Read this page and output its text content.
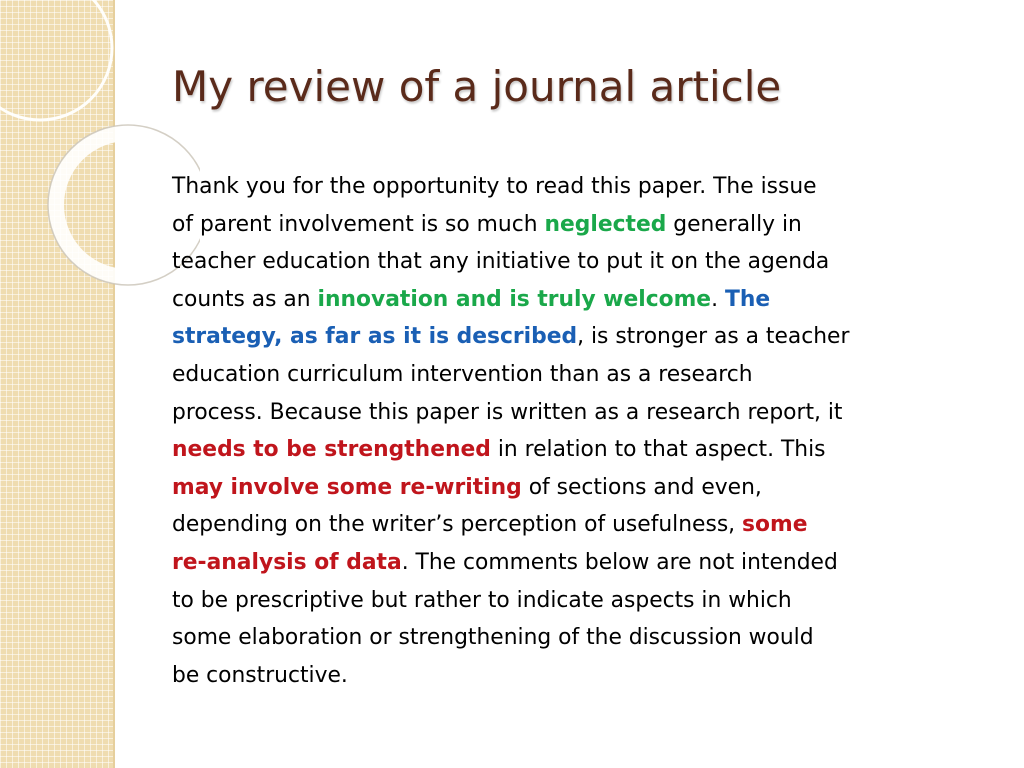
My review of a journal article
Thank you for the opportunity to read this paper. The issue
of parent involvement is so much neglected generally in
teacher education that any initiative to put it on the agenda
counts as an innovation and is truly welcome. The
strategy, as far as it is described, is stronger as a teacher
education curriculum intervention than as a research
process. Because this paper is written as a research report, it
needs to be strengthened in relation to that aspect. This
may involve some re-writing of sections and even,
depending on the writer’s perception of usefulness, some
re-analysis of data. The comments below are not intended
to be prescriptive but rather to indicate aspects in which
some elaboration or strengthening of the discussion would
be constructive.
